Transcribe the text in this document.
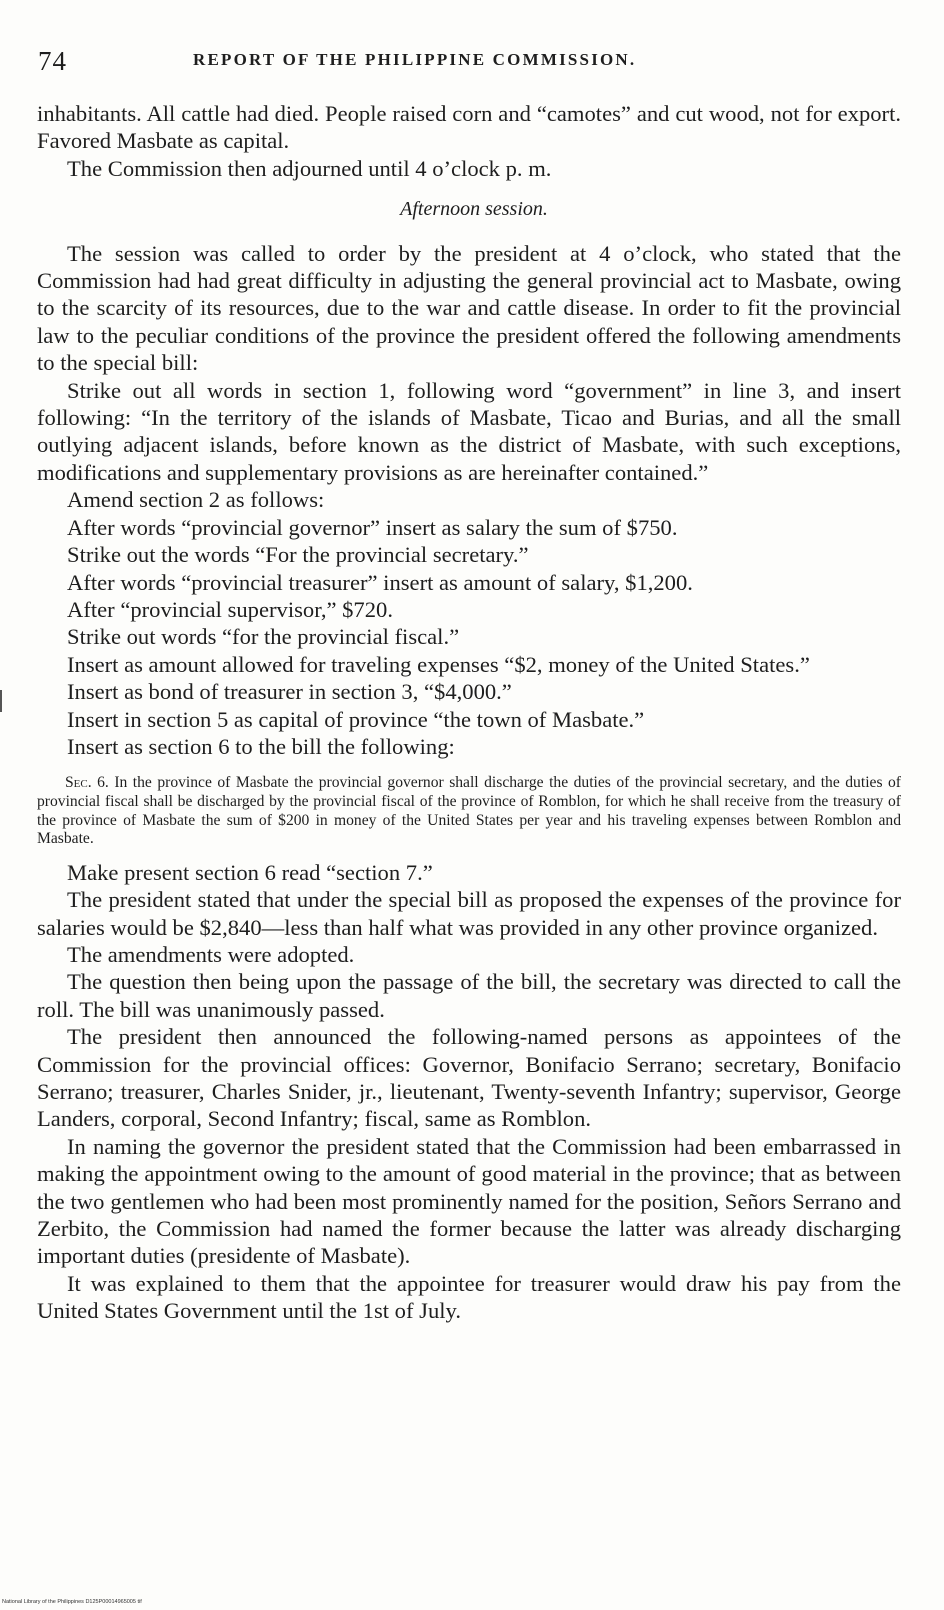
74	REPORT OF THE PHILIPPINE COMMISSION.

inhabitants. All cattle had died. People raised corn and “camotes” and cut wood, not for export. Favored Masbate as capital.

The Commission then adjourned until 4 o’clock p. m.

Afternoon session.

The session was called to order by the president at 4 o’clock, who stated that the Commission had had great difficulty in adjusting the general provincial act to Masbate, owing to the scarcity of its resources, due to the war and cattle disease. In order to fit the provincial law to the peculiar conditions of the province the president offered the following amendments to the special bill:

Strike out all words in section 1, following word “government” in line 3, and insert following: “In the territory of the islands of Masbate, Ticao and Burias, and all the small outlying adjacent islands, before known as the district of Masbate, with such exceptions, modifications and supplementary provisions as are hereinafter contained.”

Amend section 2 as follows:

After words “provincial governor” insert as salary the sum of $750.

Strike out the words “For the provincial secretary.”

After words “provincial treasurer” insert as amount of salary, $1,200.

After “provincial supervisor,” $720.

Strike out words “for the provincial fiscal.”

Insert as amount allowed for traveling expenses “$2, money of the United States.”

Insert as bond of treasurer in section 3, “$4,000.”

Insert in section 5 as capital of province “the town of Masbate.”

Insert as section 6 to the bill the following:

Sec. 6. In the province of Masbate the provincial governor shall discharge the duties of the provincial secretary, and the duties of provincial fiscal shall be discharged by the provincial fiscal of the province of Romblon, for which he shall receive from the treasury of the province of Masbate the sum of $200 in money of the United States per year and his traveling expenses between Romblon and Masbate.

Make present section 6 read “section 7.”

The president stated that under the special bill as proposed the expenses of the province for salaries would be $2,840—less than half what was provided in any other province organized.

The amendments were adopted.

The question then being upon the passage of the bill, the secretary was directed to call the roll. The bill was unanimously passed.

The president then announced the following-named persons as appointees of the Commission for the provincial offices: Governor, Bonifacio Serrano; secretary, Bonifacio Serrano; treasurer, Charles Snider, jr., lieutenant, Twenty-seventh Infantry; supervisor, George Landers, corporal, Second Infantry; fiscal, same as Romblon.

In naming the governor the president stated that the Commission had been embarrassed in making the appointment owing to the amount of good material in the province; that as between the two gentlemen who had been most prominently named for the position, Señors Serrano and Zerbito, the Commission had named the former because the latter was already discharging important duties (presidente of Masbate).

It was explained to them that the appointee for treasurer would draw his pay from the United States Government until the 1st of July.

National Library of the Philippines D125P00014965005 tif
